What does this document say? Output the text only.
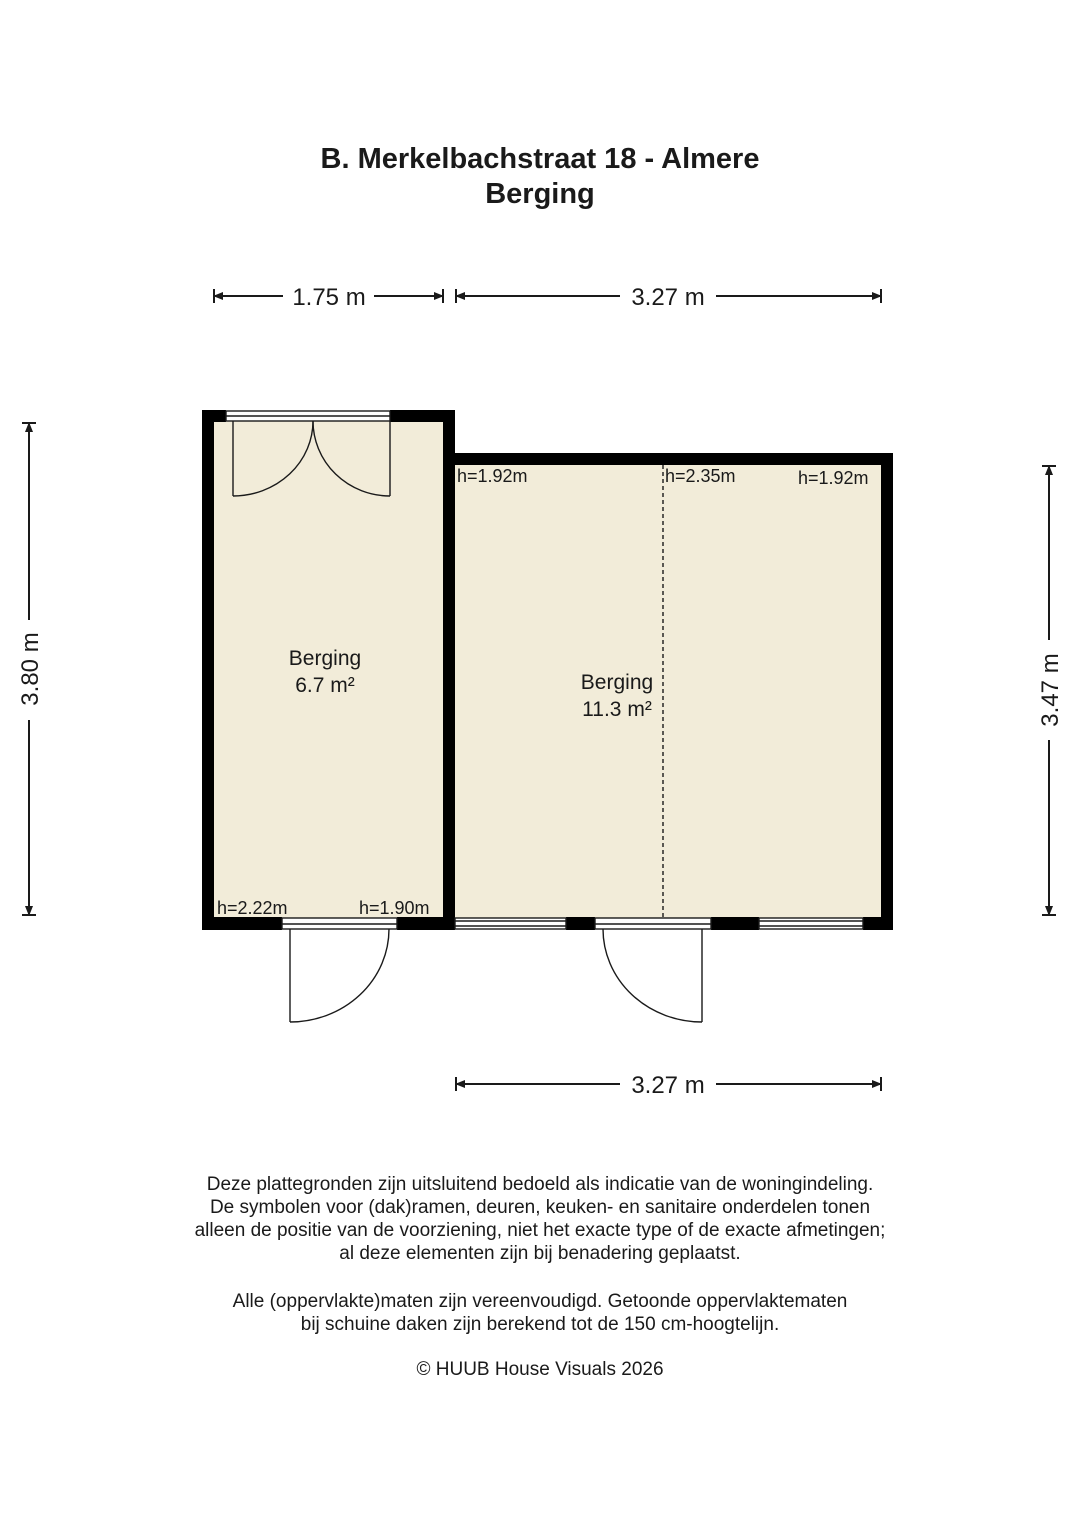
B. Merkelbachstraat 18 - Almere
Berging
1.75 m	3.27 m
3.80 m	3.47 m
3.27 m
Berging
6.7 m²	Berging
11.3 m²
h=2.22m	h=1.90m
h=1.92m	h=2.35m	h=1.92m

Deze plattegronden zijn uitsluitend bedoeld als indicatie van de woningindeling.

De symbolen voor (dak)ramen, deuren, keuken- en sanitaire onderdelen tonen

alleen de positie van de voorziening, niet het exacte type of de exacte afmetingen;

al deze elementen zijn bij benadering geplaatst.

Alle (oppervlakte)maten zijn vereenvoudigd. Getoonde oppervlaktematen

bij schuine daken zijn berekend tot de 150 cm-hoogtelijn.

© HUUB House Visuals 2026
